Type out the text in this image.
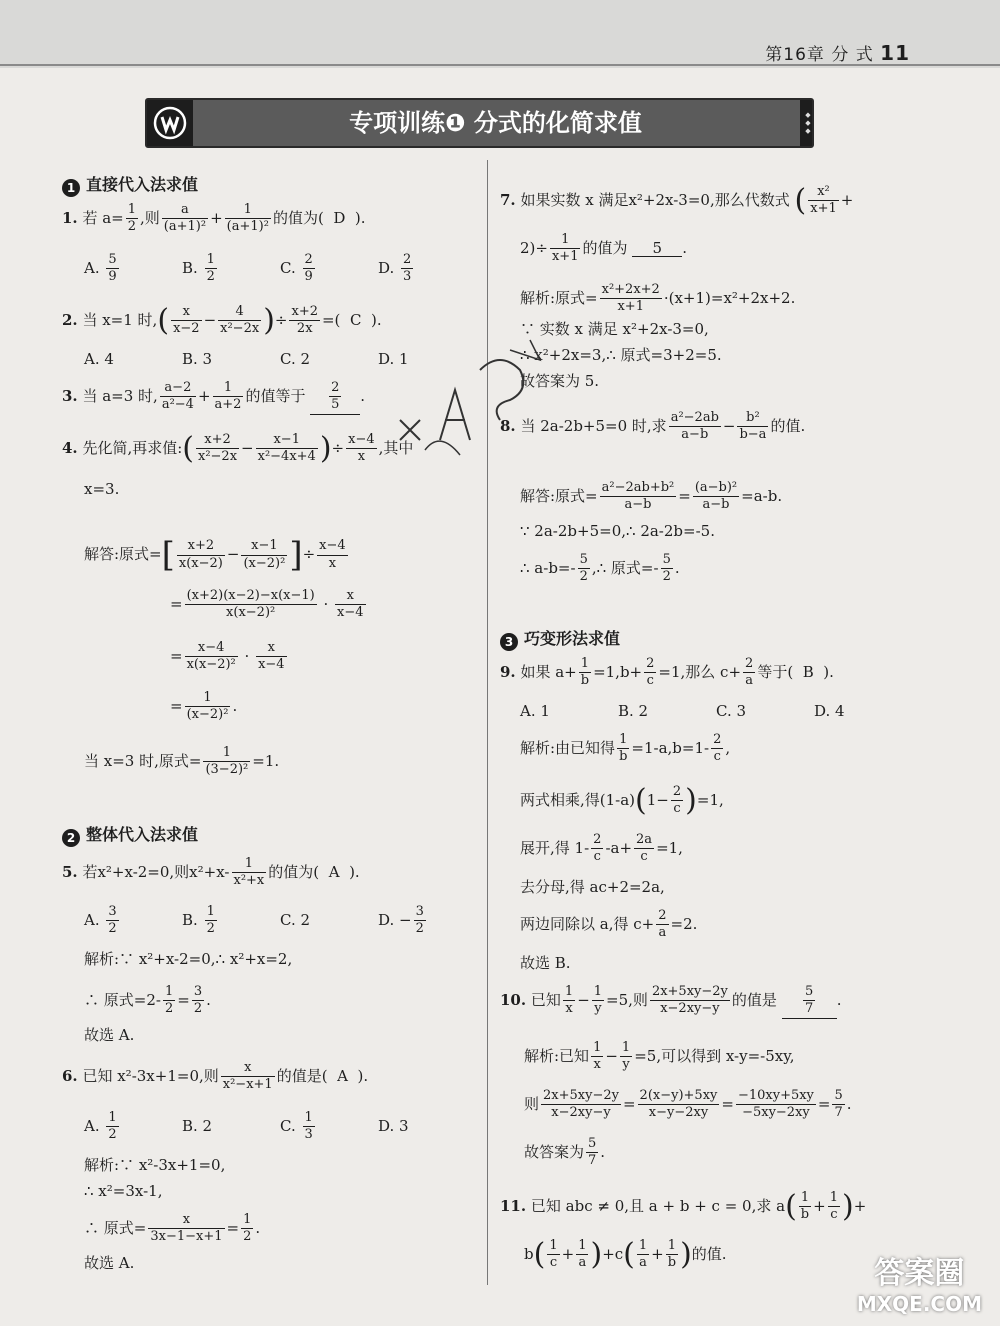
第16章 分 式 11
专项训练❶ 分式的化简求值	◆◆◆
1 直接代入法求值
1. 若 $a= \frac{1}{2}$ ,则 $\frac{a}{\text{(a+1)²}} + \frac{1}{\text{(a+1)²}}$ 的值为( D ).
A. $\frac{5}{9}$	B. $\frac{1}{2}$	C. $\frac{2}{9}$	D. $\frac{2}{3}$
2. 当 x=1 时,( $\frac{x}{x-2} - \frac{4}{\text{x²−2x}}$ )÷ $\frac{x+2}{2x}$ =( C ).
A. 4	B. 3	C. 2	D. 1
3. 当 a=3 时, $\frac{a-2}{\text{a²−4}} + \frac{1}{a+2}$ 的值等于 $\frac{2}{5}$ .
4. 先化简,再求值:( $\frac{x+2}{\text{x²−2x}} - \frac{x-1}{\text{x²−4x+4}}$ )÷ $\frac{x-4}{x}$ ,其中
x=3.
解答:原式=[ $\frac{x+2}{x(x-2)} - \frac{x-1}{\text{(x−2)²}}$ ]÷ $\frac{x-4}{x}$
= $\frac{(x+2)(x-2)-x(x-1)}{\text{x(x−2)²}} \cdot \frac{x}{x-4}$
= $\frac{x-4}{\text{x(x−2)²}} \cdot \frac{x}{x-4}$
= $\frac{1}{\text{(x−2)²}}$ .
当 x=3 时,原式= $\frac{1}{\text{(3−2)²}} =1$.
2 整体代入法求值
5. 若x²+x-2=0,则$x^2+x- \frac{1}{\text{x²+x}}$ 的值为( A ).
A. $\frac{3}{2}$	B. $\frac{1}{2}$	C. 2	D. − $\frac{3}{2}$
解析:∵ x²+x-2=0,∴ x²+x=2,
∴ 原式$=2- \frac{1}{2} = \frac{3}{2}$ .
故选 A.
6. 已知 x²-3x+1=0,则 $\frac{x}{\text{x²−x+1}}$ 的值是( A ).
A. $\frac{1}{2}$	B. 2	C. $\frac{1}{3}$	D. 3
解析:∵ x²-3x+1=0,
∴ x²=3x-1,
∴ 原式= $\frac{x}{3x-1-x+1} = \frac{1}{2}$ .
故选 A.
7. 如果实数 x 满足x²+2x-3=0,那么代数式 ( $\frac{\text{x²}}{x+1}$ +
$2)\div \frac{1}{x+1}$ 的值为 5 .
解析:原式= $\frac{\text{x²+2x+2}}{x+1} \cdot(x+1)=x^2+2x+2$.
∵ 实数 x 满足 x²+2x-3=0,
∴ x²+2x=3,∴ 原式=3+2=5.
故答案为 5.
8. 当 2a-2b+5=0 时,求 $\frac{\text{a²−2ab}}{a-b} - \frac{\text{b²}}{b-a}$ 的值.
解答:原式= $\frac{\text{a²−2ab+b²}}{a-b} = \frac{\text{(a−b)²}}{a-b} =a-b$.
∵ 2a-2b+5=0,∴ 2a-2b=-5.
∴ $a-b=- \frac{5}{2}$ ,∴ 原式=- $\frac{5}{2}$ .
3 巧变形法求值
9. 如果 $a+ \frac{1}{b} =1,b+ \frac{2}{c} =1$,那么 $c+ \frac{2}{a}$ 等于( B ).
A. 1	B. 2	C. 3	D. 4
解析:由已知得 $\frac{1}{b} =1-a,b=1- \frac{2}{c}$ ,
两式相乘,得$(1-a)(1- \frac{2}{c} )=1$,
展开,得 $1- \frac{2}{c} -a+ \frac{2a}{c} =1$,
去分母,得 ac+2=2a,
两边同除以 a,得 $c+ \frac{2}{a} =2$.
故选 B.
10. 已知 $\frac{1}{x} - \frac{1}{y} =5$,则 $\frac{2x+5xy-2y}{x-2xy-y}$ 的值是 $\frac{5}{7}$ .
解析:已知 $\frac{1}{x} - \frac{1}{y} =5$,可以得到 x-y=-5xy,
则 $\frac{2x+5xy-2y}{x-2xy-y} = \frac{2(x-y)+5xy}{x-y-2xy} = \frac{-10xy+5xy}{-5xy-2xy} = \frac{5}{7}$ .
故答案为 $\frac{5}{7}$ .
11. 已知 abc ≠ 0,且 a + b + c = 0,求 $a( \frac{1}{b} + \frac{1}{c}$ )+
$b( \frac{1}{c} + \frac{1}{a} )+c( \frac{1}{a} + \frac{1}{b}$ )的值.
答案圈
MXQE.COM
